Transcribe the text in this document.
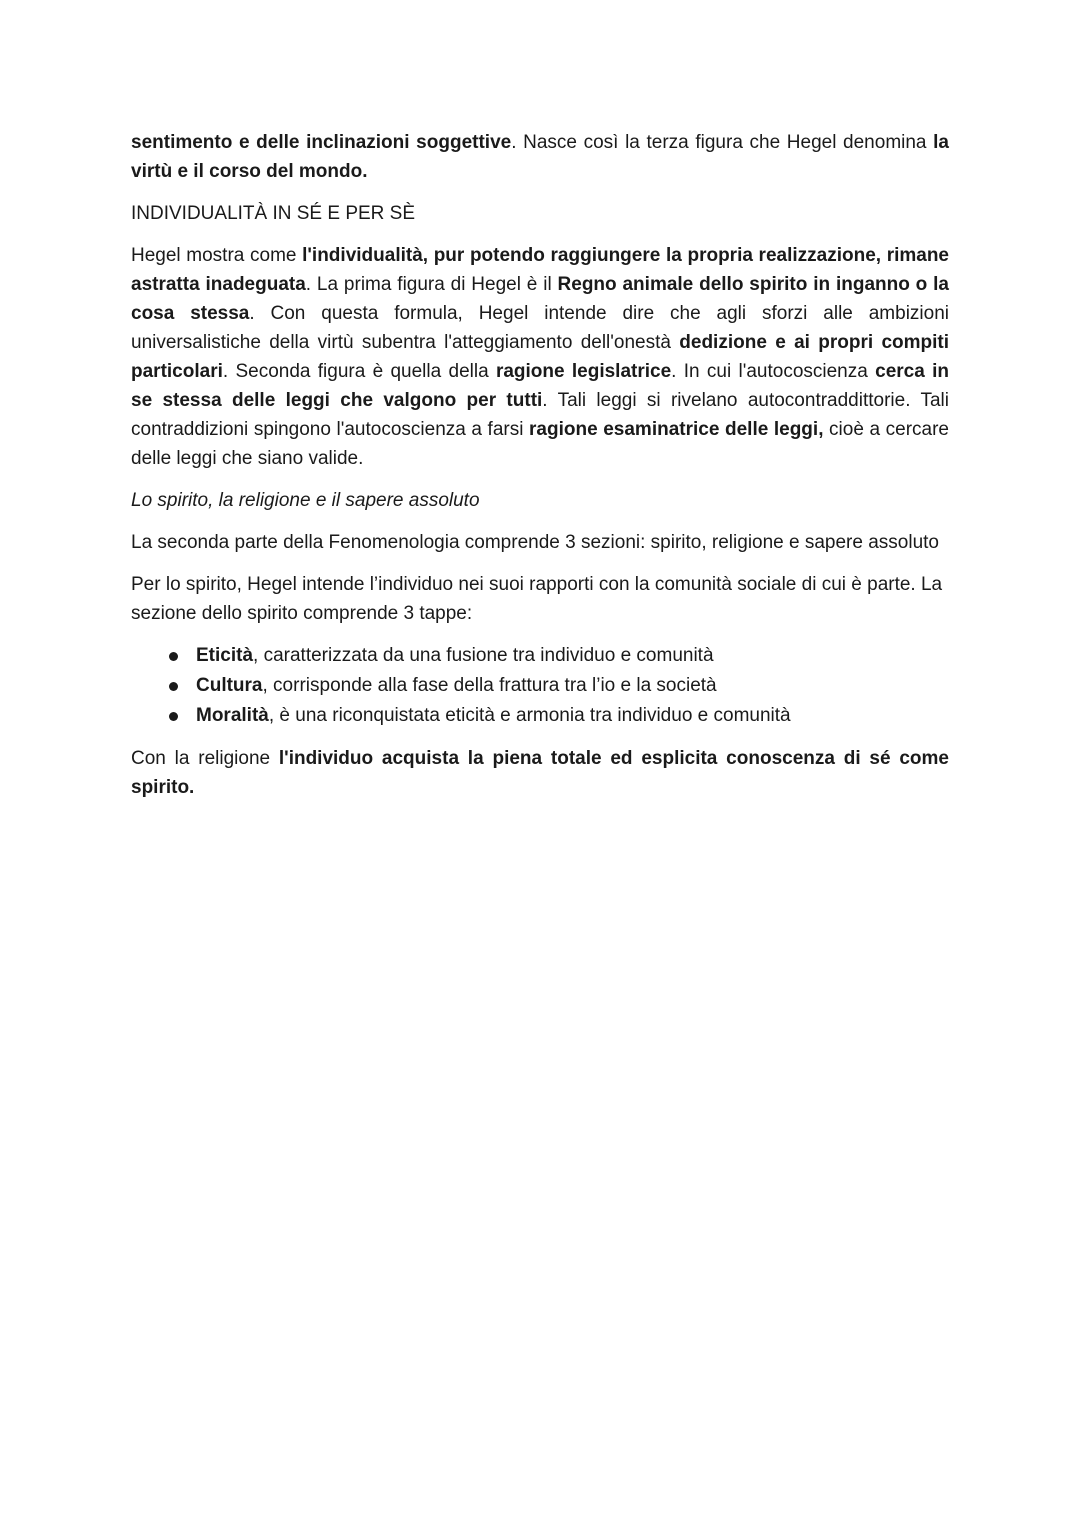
sentimento e delle inclinazioni soggettive. Nasce così la terza figura che Hegel denomina la virtù e il corso del mondo.

INDIVIDUALITÀ IN SÉ E PER SÈ

Hegel mostra come l'individualità, pur potendo raggiungere la propria realizzazione, rimane astratta inadeguata. La prima figura di Hegel è il Regno animale dello spirito in inganno o la cosa stessa. Con questa formula, Hegel intende dire che agli sforzi alle ambizioni universalistiche della virtù subentra l'atteggiamento dell'onestà dedizione e ai propri compiti particolari. Seconda figura è quella della ragione legislatrice. In cui l'autocoscienza cerca in se stessa delle leggi che valgono per tutti. Tali leggi si rivelano autocontraddittorie. Tali contraddizioni spingono l'autocoscienza a farsi ragione esaminatrice delle leggi, cioè a cercare delle leggi che siano valide.

Lo spirito, la religione e il sapere assoluto

La seconda parte della Fenomenologia comprende 3 sezioni: spirito, religione e sapere assoluto

Per lo spirito, Hegel intende l’individuo nei suoi rapporti con la comunità sociale di cui è parte. La sezione dello spirito comprende 3 tappe:

Eticità, caratterizzata da una fusione tra individuo e comunità
Cultura, corrisponde alla fase della frattura tra l’io e la società
Moralità, è una riconquistata eticità e armonia tra individuo e comunità

Con la religione l'individuo acquista la piena totale ed esplicita conoscenza di sé come spirito.
